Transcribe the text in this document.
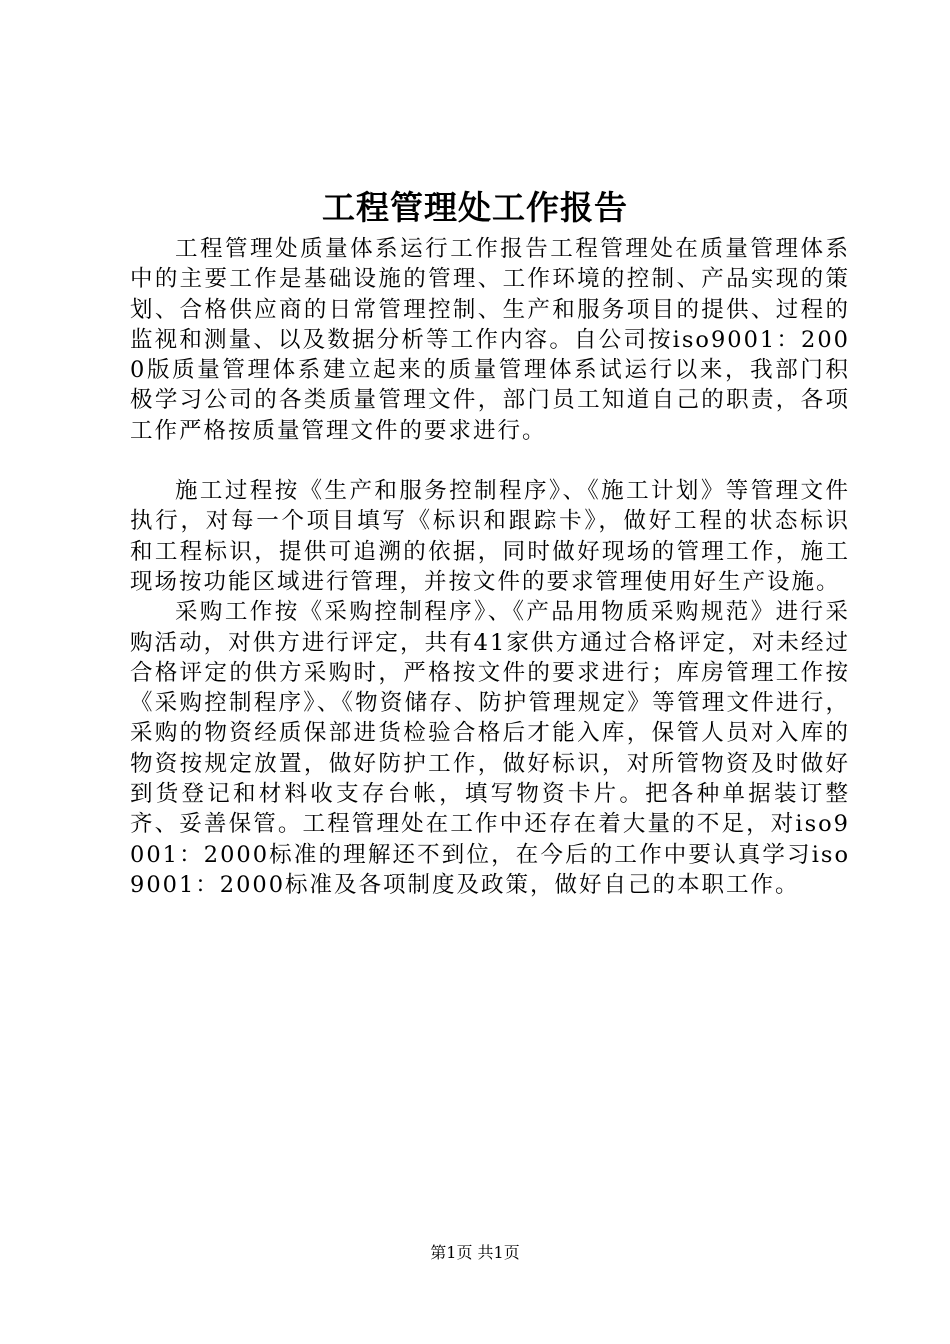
工程管理处工作报告

工程管理处质量体系运行工作报告工程管理处在质量管理体系中的主要工作是基础设施的管理、工作环境的控制、产品实现的策划、合格供应商的日常管理控制、生产和服务项目的提供、过程的监视和测量、以及数据分析等工作内容。自公司按iso9001：2000版质量管理体系建立起来的质量管理体系试运行以来，我部门积极学习公司的各类质量管理文件，部门员工知道自己的职责，各项工作严格按质量管理文件的要求进行。

施工过程按《生产和服务控制程序》、《施工计划》等管理文件执行，对每一个项目填写《标识和跟踪卡》，做好工程的状态标识和工程标识，提供可追溯的依据，同时做好现场的管理工作，施工现场按功能区域进行管理，并按文件的要求管理使用好生产设施。

采购工作按《采购控制程序》、《产品用物质采购规范》进行采购活动，对供方进行评定，共有41家供方通过合格评定，对未经过合格评定的供方采购时，严格按文件的要求进行；库房管理工作按《采购控制程序》、《物资储存、防护管理规定》等管理文件进行，采购的物资经质保部进货检验合格后才能入库，保管人员对入库的物资按规定放置，做好防护工作，做好标识，对所管物资及时做好到货登记和材料收支存台帐，填写物资卡片。把各种单据装订整齐、妥善保管。工程管理处在工作中还存在着大量的不足，对iso9001：2000标准的理解还不到位，在今后的工作中要认真学习iso9001：2000标准及各项制度及政策，做好自己的本职工作。

第1页 共1页
